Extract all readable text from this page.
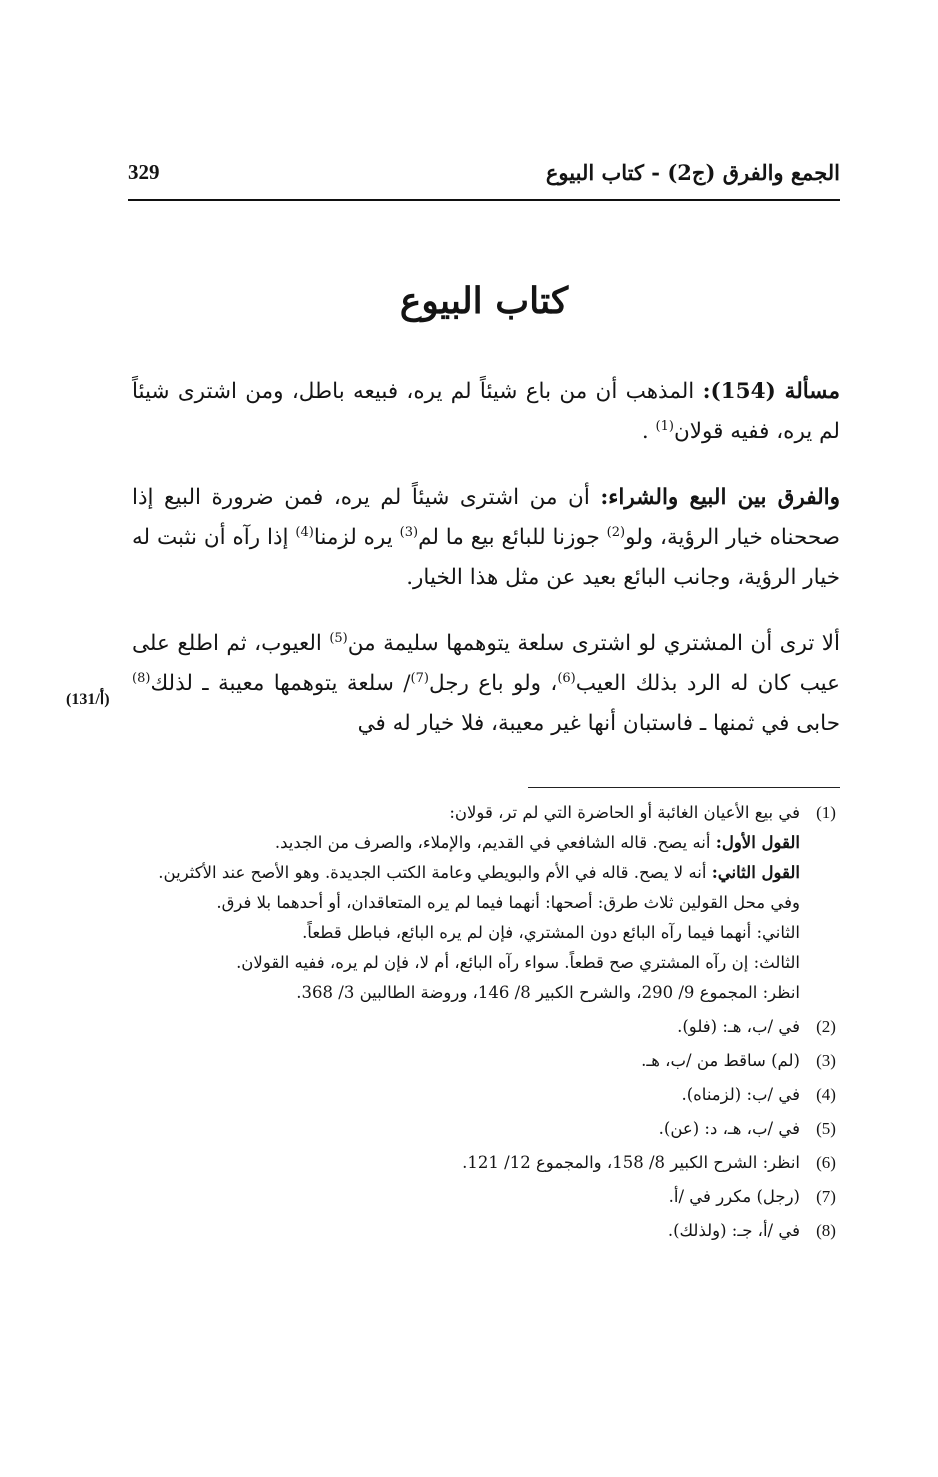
الجمع والفرق (ج2) - كتاب البيوع
329
كتاب البيوع

مسألة (154): المذهب أن من باع شيئاً لم يره، فبيعه باطل، ومن اشترى شيئاً لم يره، ففيه قولان$^{(1)}$ .

والفرق بين البيع والشراء: أن من اشترى شيئاً لم يره، فمن ضرورة البيع إذا صححناه خيار الرؤية، ولو$^{(2)}$ جوزنا للبائع بيع ما لم$^{(3)}$ يره لزمنا$^{(4)}$ إذا رآه أن نثبت له خيار الرؤية، وجانب البائع بعيد عن مثل هذا الخيار.

ألا ترى أن المشتري لو اشترى سلعة يتوهمها سليمة من$^{(5)}$ العيوب، ثم اطلع على عيب كان له الرد بذلك العيب$^{(6)}$، ولو باع رجل$^{(7)}$/ سلعة يتوهمها معيبة ـ لذلك$^{(8)}$ حابى في ثمنها ـ فاستبان أنها غير معيبة، فلا خيار له في

(131/أ)
(1)
في بيع الأعيان الغائبة أو الحاضرة التي لم تر، قولان:
القول الأول: أنه يصح. قاله الشافعي في القديم، والإملاء، والصرف من الجديد.
القول الثاني: أنه لا يصح. قاله في الأم والبويطي وعامة الكتب الجديدة. وهو الأصح عند الأكثرين.
وفي محل القولين ثلاث طرق: أصحها: أنهما فيما لم يره المتعاقدان، أو أحدهما بلا فرق.
الثاني: أنهما فيما رآه البائع دون المشتري، فإن لم يره البائع، فباطل قطعاً.
الثالث: إن رآه المشتري صح قطعاً. سواء رآه البائع، أم لا، فإن لم يره، ففيه القولان.
انظر: المجموع 9/ 290، والشرح الكبير 8/ 146، وروضة الطالبين 3/ 368.
(2)
في /ب، هـ: (فلو).
(3)
(لم) ساقط من /ب، هـ.
(4)
في /ب: (لزمناه).
(5)
في /ب، هـ، د: (عن).
(6)
انظر: الشرح الكبير 8/ 158، والمجموع 12/ 121.
(7)
(رجل) مكرر في /أ.
(8)
في /أ، جـ: (ولذلك).
